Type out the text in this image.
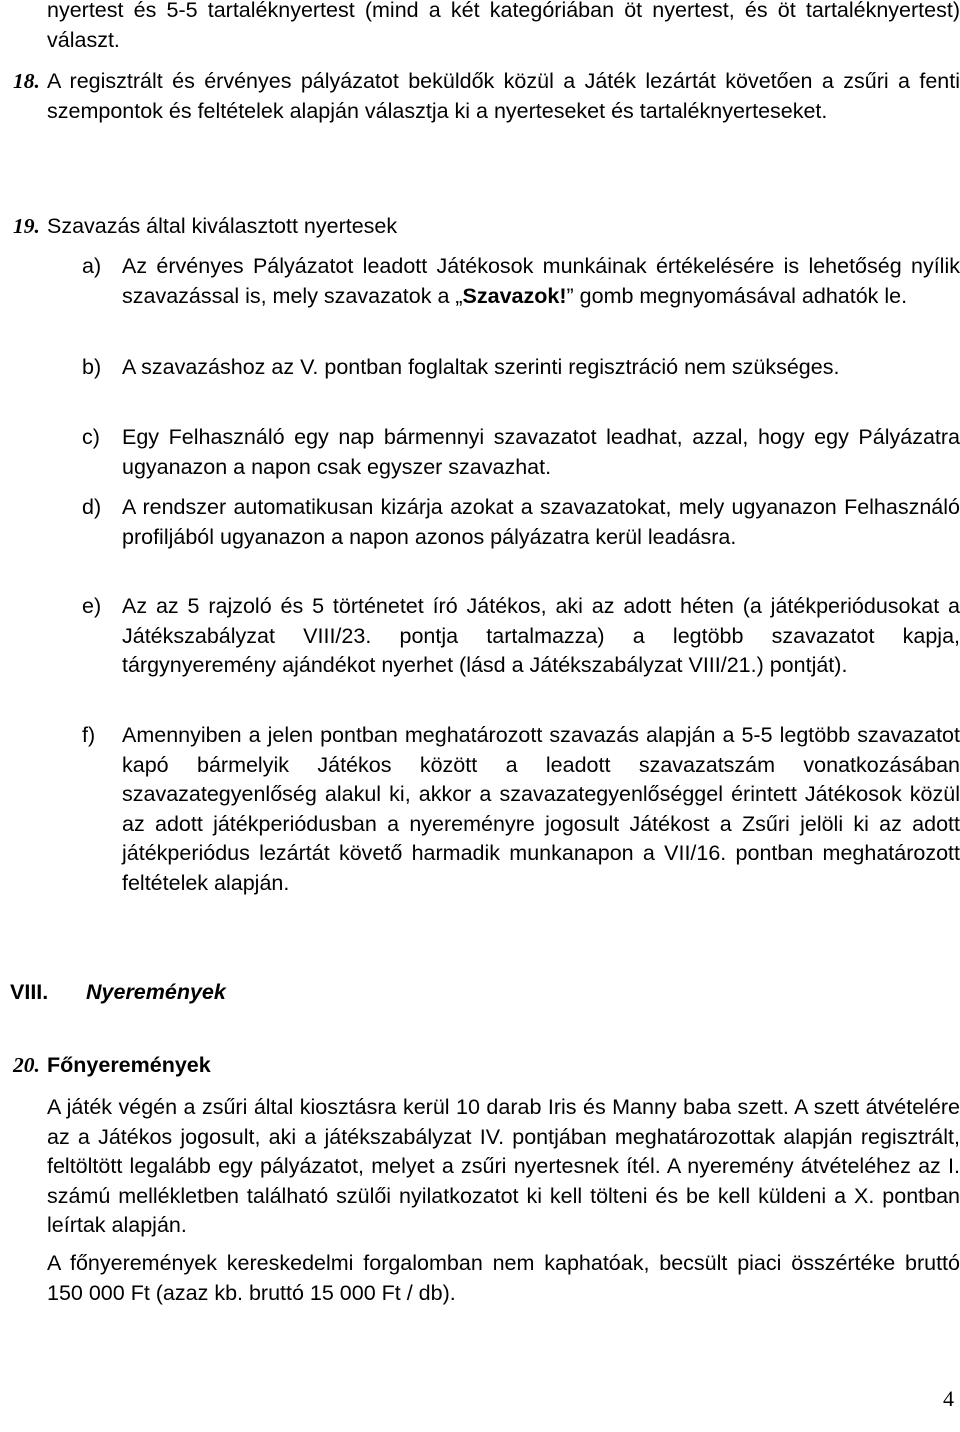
nyertest és 5-5 tartaléknyertest (mind a két kategóriában öt nyertest, és öt tartaléknyertest) választ.
18. A regisztrált és érvényes pályázatot beküldők közül a Játék lezártát követően a zsűri a fenti szempontok és feltételek alapján választja ki a nyerteseket és tartaléknyerteseket.
19. Szavazás által kiválasztott nyertesek
a) Az érvényes Pályázatot leadott Játékosok munkáinak értékelésére is lehetőség nyílik szavazással is, mely szavazatok a „Szavazok!” gomb megnyomásával adhatók le.
b) A szavazáshoz az V. pontban foglaltak szerinti regisztráció nem szükséges.
c) Egy Felhasználó egy nap bármennyi szavazatot leadhat, azzal, hogy egy Pályázatra ugyanazon a napon csak egyszer szavazhat.
d) A rendszer automatikusan kizárja azokat a szavazatokat, mely ugyanazon Felhasználó profiljából ugyanazon a napon azonos pályázatra kerül leadásra.
e) Az az 5 rajzoló és 5 történetet író Játékos, aki az adott héten (a játékperiódusokat a Játékszabályzat VIII/23. pontja tartalmazza) a legtöbb szavazatot kapja, tárgynyeremény ajándékot nyerhet (lásd a Játékszabályzat VIII/21.) pontját).
f) Amennyiben a jelen pontban meghatározott szavazás alapján a 5-5 legtöbb szavazatot kapó bármelyik Játékos között a leadott szavazatszám vonatkozásában szavazategyenlőség alakul ki, akkor a szavazategyenlőséggel érintett Játékosok közül az adott játékperiódusban a nyereményre jogosult Játékost a Zsűri jelöli ki az adott játékperiódus lezártát követő harmadik munkanapon a VII/16. pontban meghatározott feltételek alapján.
VIII. Nyeremények
20. Főnyeremények
A játék végén a zsűri által kiosztásra kerül 10 darab Iris és Manny baba szett. A szett átvételére az a Játékos jogosult, aki a játékszabályzat IV. pontjában meghatározottak alapján regisztrált, feltöltött legalább egy pályázatot, melyet a zsűri nyertesnek ítél. A nyeremény átvételéhez az I. számú mellékletben található szülői nyilatkozatot ki kell tölteni és be kell küldeni a X. pontban leírtak alapján.
A főnyeremények kereskedelmi forgalomban nem kaphatóak, becsült piaci összértéke bruttó 150 000 Ft (azaz kb. bruttó 15 000 Ft / db).
4
